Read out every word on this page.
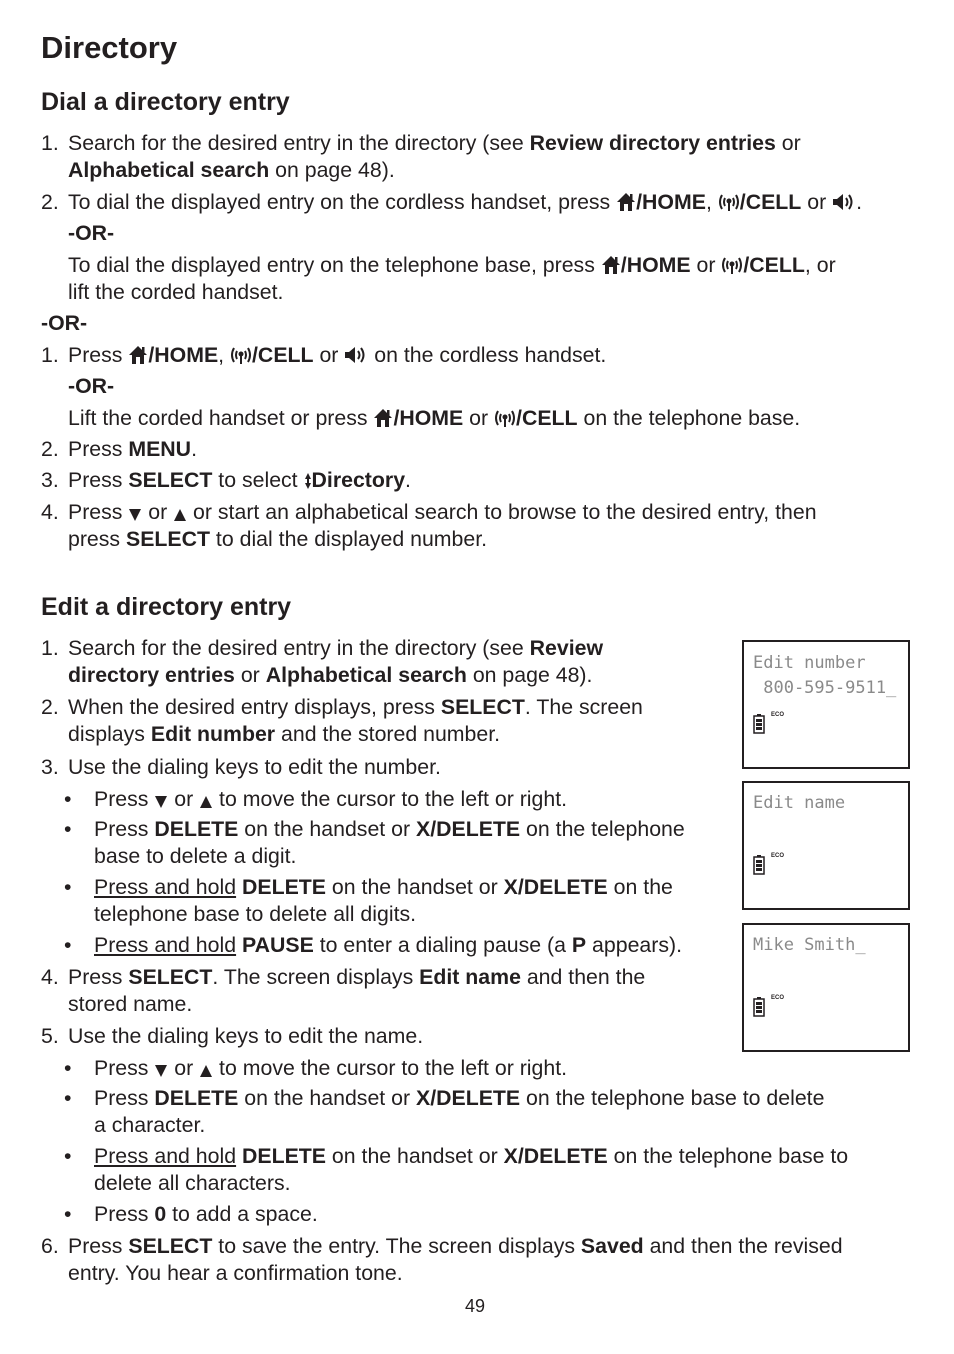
Directory
Dial a directory entry
1. Search for the desired entry in the directory (see Review directory entries or
Alphabetical search on page 48).
2. To dial the displayed entry on the cordless handset, press /HOME, /CELL or .
-OR-
To dial the displayed entry on the telephone base, press /HOME or /CELL, or
lift the corded handset.
-OR-
1. Press /HOME, /CELL or  on the cordless handset.
-OR-
Lift the corded handset or press /HOME or /CELL on the telephone base.
2. Press MENU.
3. Press SELECT to select Directory.
4. Press  or  or start an alphabetical search to browse to the desired entry, then
press SELECT to dial the displayed number.
Edit a directory entry
1. Search for the desired entry in the directory (see Review
directory entries or Alphabetical search on page 48).
2. When the desired entry displays, press SELECT. The screen
displays Edit number and the stored number.
3. Use the dialing keys to edit the number.
• Press  or  to move the cursor to the left or right.
• Press DELETE on the handset or X/DELETE on the telephone
base to delete a digit.
• Press and hold DELETE on the handset or X/DELETE on the
telephone base to delete all digits.
• Press and hold PAUSE to enter a dialing pause (a P appears).
4. Press SELECT. The screen displays Edit name and then the
stored name.
5. Use the dialing keys to edit the name.
• Press  or  to move the cursor to the left or right.
• Press DELETE on the handset or X/DELETE on the telephone base to delete
a character.
• Press and hold DELETE on the handset or X/DELETE on the telephone base to
delete all characters.
• Press 0 to add a space.
6. Press SELECT to save the entry. The screen displays Saved and then the revised
entry. You hear a confirmation tone.
Edit number
800-595-9511_
ECO
Edit name
ECO
Mike Smith_
ECO
49
